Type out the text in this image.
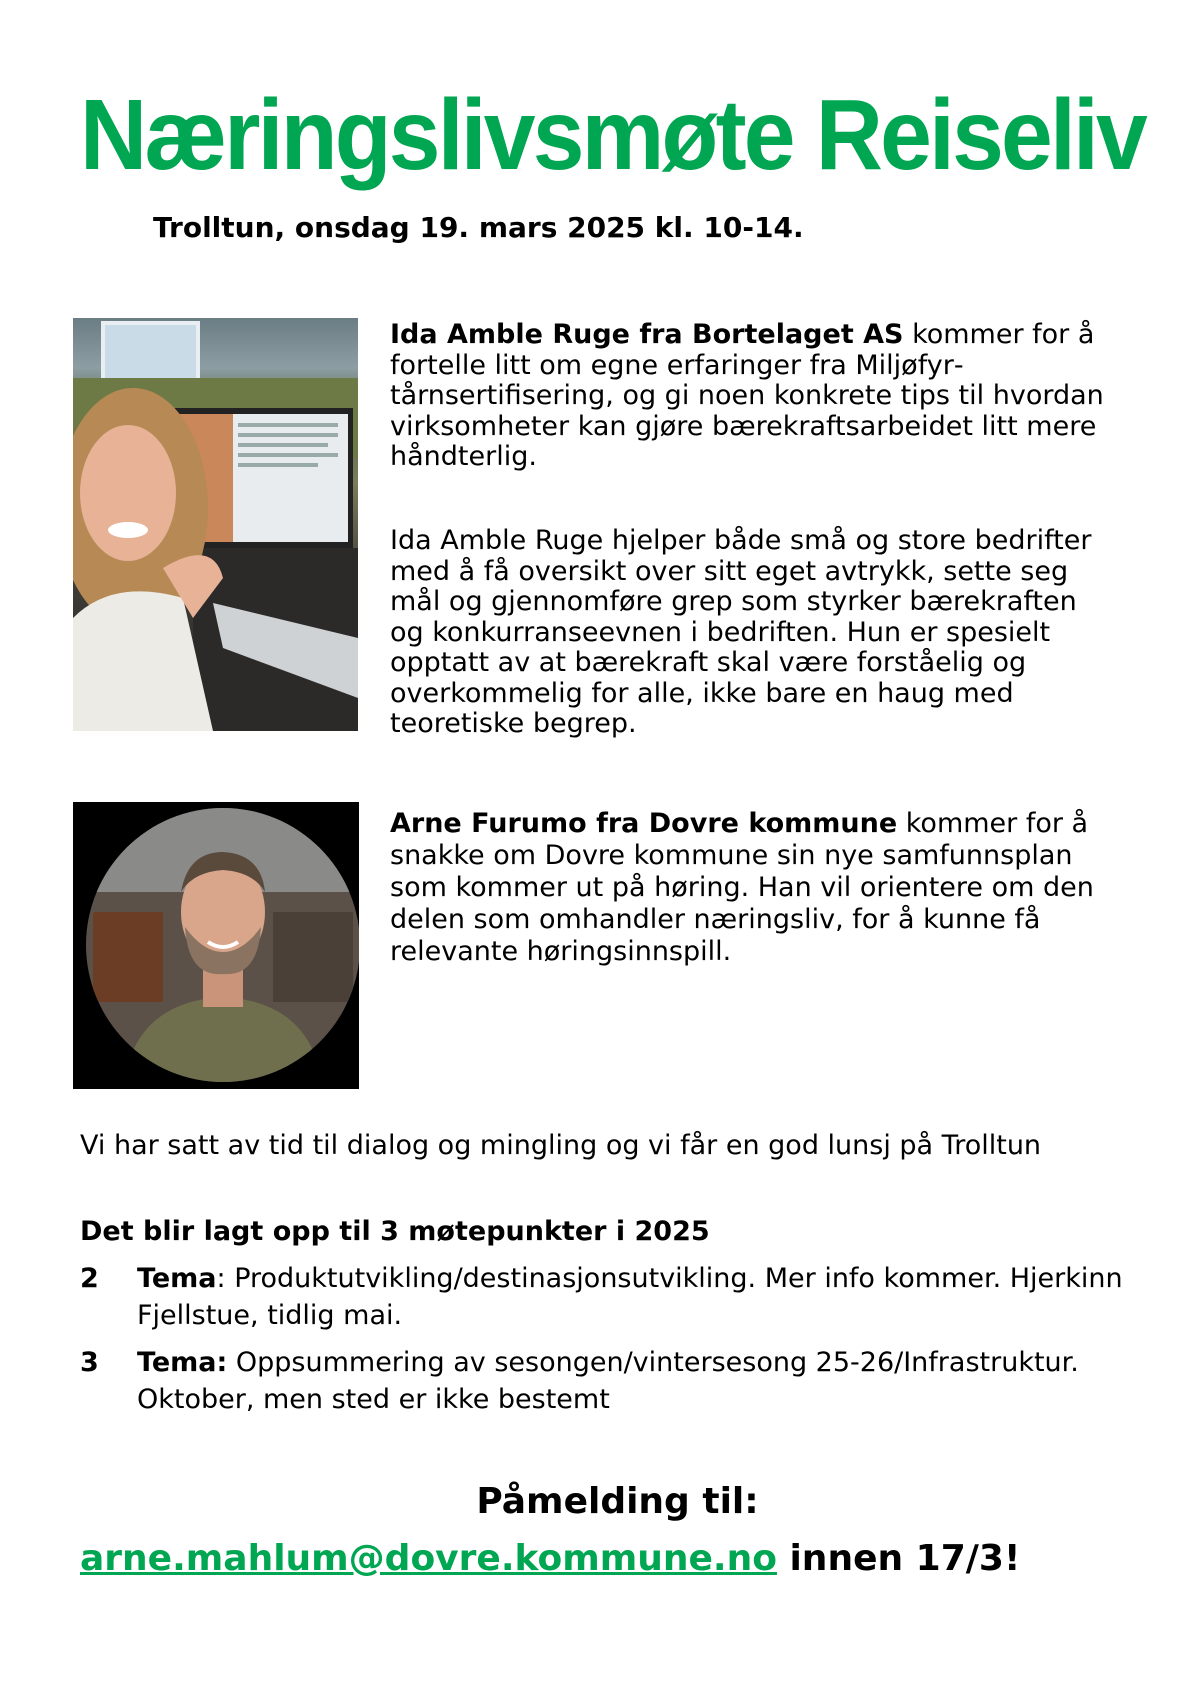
Næringslivsmøte Reiseliv

Trolltun, onsdag 19. mars 2025 kl. 10-14.

Ida Amble Ruge fra Bortelaget AS kommer for å fortelle litt om egne erfaringer fra Miljøfyrtårnsertifisering, og gi noen konkrete tips til hvordan virksomheter kan gjøre bærekraftsarbeidet litt mere håndterlig.

Ida Amble Ruge hjelper både små og store bedrifter med å få oversikt over sitt eget avtrykk, sette seg mål og gjennomføre grep som styrker bærekraften og konkurranseevnen i bedriften. Hun er spesielt opptatt av at bærekraft skal være forståelig og overkommelig for alle, ikke bare en haug med teoretiske begrep.

Arne Furumo fra Dovre kommune kommer for å snakke om Dovre kommune sin nye samfunnsplan som kommer ut på høring. Han vil orientere om den delen som omhandler næringsliv, for å kunne få relevante høringsinnspill.

Vi har satt av tid til dialog og mingling og vi får en god lunsj på Trolltun

Det blir lagt opp til 3 møtepunkter i 2025

2 Tema: Produktutvikling/destinasjonsutvikling. Mer info kommer. Hjerkinn Fjellstue, tidlig mai.
3 Tema: Oppsummering av sesongen/vintersesong 25-26/Infrastruktur. Oktober, men sted er ikke bestemt

Påmelding til:

arne.mahlum@dovre.kommune.no innen 17/3!
